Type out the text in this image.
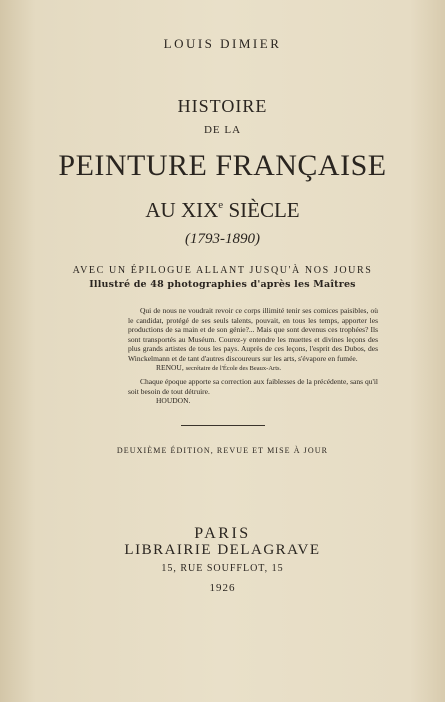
LOUIS DIMIER
HISTOIRE
DE LA
PEINTURE FRANÇAISE
AU XIXe SIÈCLE
(1793-1890)
AVEC UN ÉPILOGUE ALLANT JUSQU'À NOS JOURS
Illustré de 48 photographies d'après les Maîtres

Qui de nous ne voudrait revoir ce corps illimité tenir ses comices paisibles, où le candidat, protégé de ses seuls talents, pouvait, en tous les temps, apporter les productions de sa main et de son génie?... Mais que sont devenus ces trophées? Ils sont transportés au Muséum. Courez-y entendre les muettes et divines leçons des plus grands artistes de tous les pays. Auprès de ces leçons, l'esprit des Dubos, des Winckelmann et de tant d'autres discoureurs sur les arts, s'évapore en fumée.

RENOU, secrétaire de l'École des Beaux-Arts.

Chaque époque apporte sa correction aux faiblesses de la précédente, sans qu'il soit besoin de tout détruire.

HOUDON.

DEUXIÈME ÉDITION, REVUE ET MISE À JOUR
PARIS
LIBRAIRIE DELAGRAVE
15, RUE SOUFFLOT, 15
1926
